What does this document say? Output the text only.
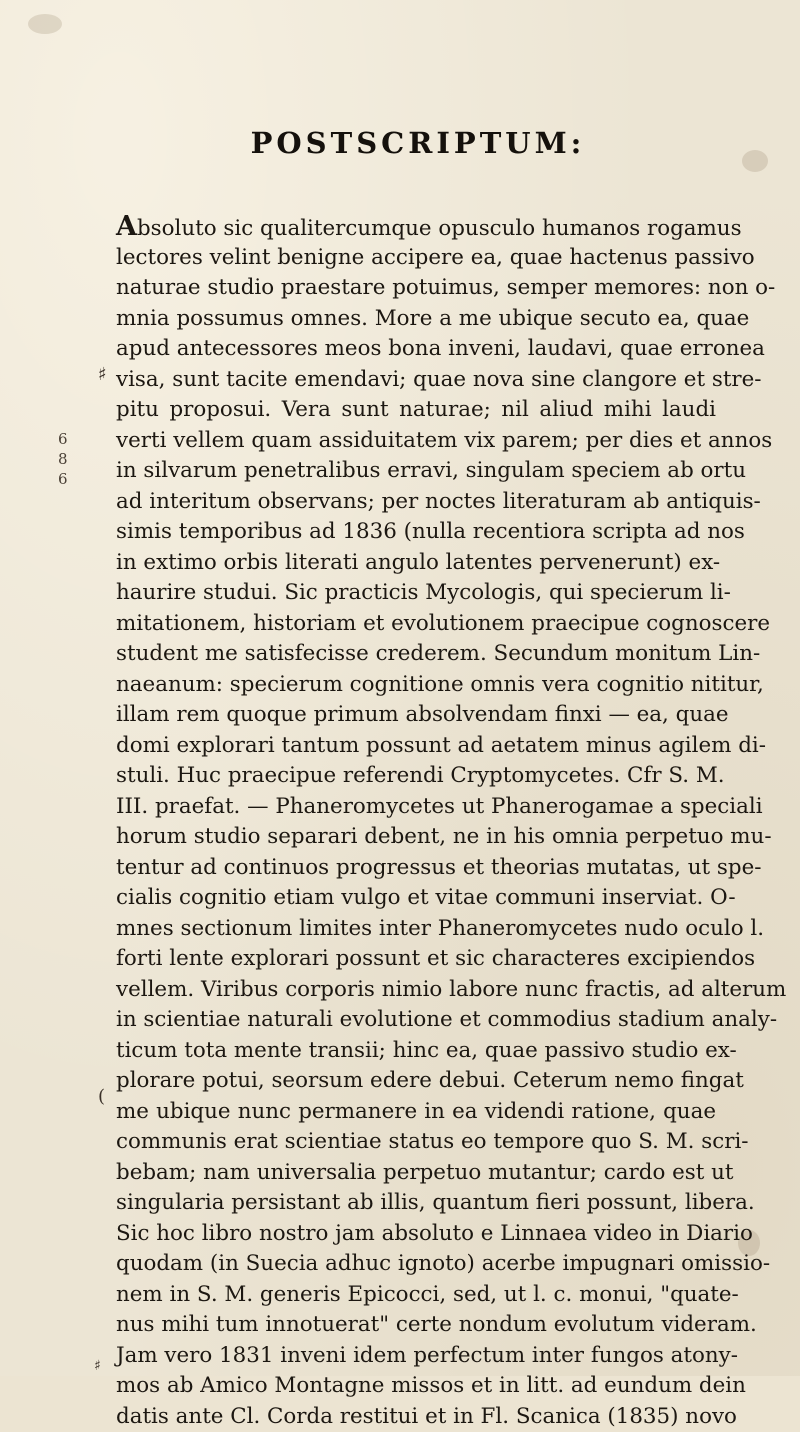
POSTSCRIPTUM:
6
8
6
♯
(
♯
Absoluto sic qualitercumque opusculo humanos rogamus
lectores velint benigne accipere ea, quae hactenus passivo
naturae studio praestare potuimus, semper memores: non o-
mnia possumus omnes. More a me ubique secuto ea, quae
apud antecessores meos bona inveni, laudavi, quae erronea
visa, sunt tacite emendavi; quae nova sine clangore et stre-
pitu proposui. Vera sunt naturae; nil aliud mihi laudi
verti vellem quam assiduitatem vix parem; per dies et annos
in silvarum penetralibus erravi, singulam speciem ab ortu
ad interitum observans; per noctes literaturam ab antiquis-
simis temporibus ad 1836 (nulla recentiora scripta ad nos
in extimo orbis literati angulo latentes pervenerunt) ex-
haurire studui. Sic practicis Mycologis, qui specierum li-
mitationem, historiam et evolutionem praecipue cognoscere
student me satisfecisse crederem. Secundum monitum Lin-
naeanum: specierum cognitione omnis vera cognitio nititur,
illam rem quoque primum absolvendam finxi — ea, quae
domi explorari tantum possunt ad aetatem minus agilem di-
stuli. Huc praecipue referendi Cryptomycetes. Cfr S. M.
III. praefat. — Phaneromycetes ut Phanerogamae a speciali
horum studio separari debent, ne in his omnia perpetuo mu-
tentur ad continuos progressus et theorias mutatas, ut spe-
cialis cognitio etiam vulgo et vitae communi inserviat. O-
mnes sectionum limites inter Phaneromycetes nudo oculo l.
forti lente explorari possunt et sic characteres excipiendos
vellem. Viribus corporis nimio labore nunc fractis, ad alterum
in scientiae naturali evolutione et commodius stadium analy-
ticum tota mente transii; hinc ea, quae passivo studio ex-
plorare potui, seorsum edere debui. Ceterum nemo fingat
me ubique nunc permanere in ea videndi ratione, quae
communis erat scientiae status eo tempore quo S. M. scri-
bebam; nam universalia perpetuo mutantur; cardo est ut
singularia persistant ab illis, quantum fieri possunt, libera.
Sic hoc libro nostro jam absoluto e Linnaea video in Diario
quodam (in Suecia adhuc ignoto) acerbe impugnari omissio-
nem in S. M. generis Epicocci, sed, ut l. c. monui, "quate-
nus mihi tum innotuerat" certe nondum evolutum videram.
Jam vero 1831 inveni idem perfectum inter fungos atony-
mos ab Amico Montagne missos et in litt. ad eundum dein
datis ante Cl. Corda restitui et in Fl. Scanica (1835) novo
